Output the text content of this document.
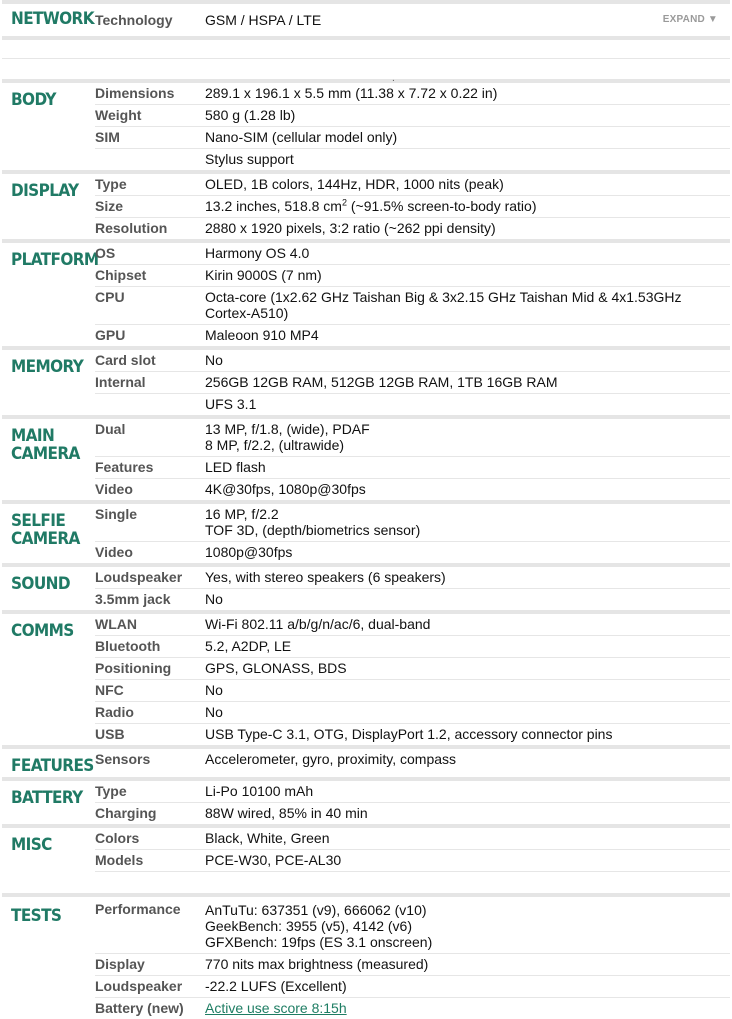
NETWORK	Technology	GSM / HSPA / LTE	EXPAND ▼
.
BODY	Dimensions	289.1 x 196.1 x 5.5 mm (11.38 x 7.72 x 0.22 in)
	Weight	580 g (1.28 lb)
	SIM	Nano-SIM (cellular model only)
		Stylus support
DISPLAY	Type	OLED, 1B colors, 144Hz, HDR, 1000 nits (peak)
	Size	13.2 inches, 518.8 $cm^2$ (~91.5% screen-to-body ratio)
	Resolution	2880 x 1920 pixels, 3:2 ratio (~262 ppi density)
PLATFORM	OS	Harmony OS 4.0
	Chipset	Kirin 9000S (7 nm)
	CPU	Octa-core (1x2.62 GHz Taishan Big & 3x2.15 GHz Taishan Mid & 4x1.53GHz Cortex-A510)
	GPU	Maleoon 910 MP4
MEMORY	Card slot	No
	Internal	256GB 12GB RAM, 512GB 12GB RAM, 1TB 16GB RAM
		UFS 3.1
MAIN
CAMERA	Dual	13 MP, f/1.8, (wide), PDAF
8 MP, f/2.2, (ultrawide)
	Features	LED flash
	Video	4K@30fps, 1080p@30fps
SELFIE
CAMERA	Single	16 MP, f/2.2
TOF 3D, (depth/biometrics sensor)
	Video	1080p@30fps
SOUND	Loudspeaker	Yes, with stereo speakers (6 speakers)
	3.5mm jack	No
COMMS	WLAN	Wi-Fi 802.11 a/b/g/n/ac/6, dual-band
	Bluetooth	5.2, A2DP, LE
	Positioning	GPS, GLONASS, BDS
	NFC	No
	Radio	No
	USB	USB Type-C 3.1, OTG, DisplayPort 1.2, accessory connector pins
FEATURES	Sensors	Accelerometer, gyro, proximity, compass
BATTERY	Type	Li-Po 10100 mAh
	Charging	88W wired, 85% in 40 min
MISC	Colors	Black, White, Green
	Models	PCE-W30, PCE-AL30

TESTS	Performance	AnTuTu: 637351 (v9), 666062 (v10)
GeekBench: 3955 (v5), 4142 (v6)
GFXBench: 19fps (ES 3.1 onscreen)
	Display	770 nits max brightness (measured)
	Loudspeaker	-22.2 LUFS (Excellent)
	Battery (new)	Active use score 8:15h
